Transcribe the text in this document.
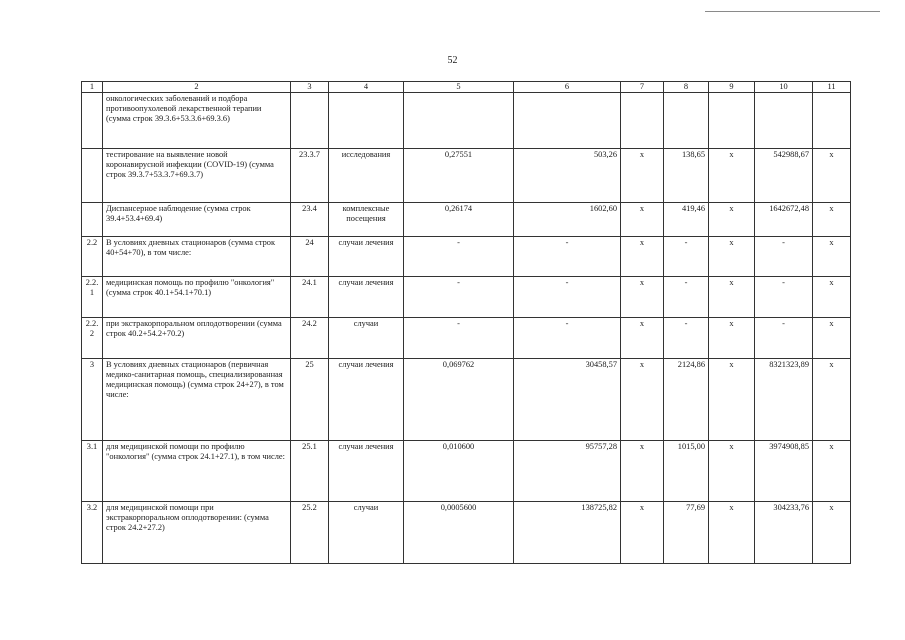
52
1	2	3	4	5	6	7	8	9	10	11
	онкологических заболеваний и подбора противоопухолевой лекарственной терапии (сумма строк 39.3.6+53.3.6+69.3.6)									
	тестирование на выявление новой коронавирусной инфекции (COVID-19) (сумма строк 39.3.7+53.3.7+69.3.7)	23.3.7	исследования	0,27551	503,26	x	138,65	x	542988,67	x
	Диспансерное наблюдение (сумма строк 39.4+53.4+69.4)	23.4	комплексные посещения	0,26174	1602,60	x	419,46	x	1642672,48	x
2.2	В условиях дневных стационаров (сумма строк 40+54+70), в том числе:	24	случаи лечения	-	-	x	-	x	-	x
2.2.1	медицинская помощь по профилю "онкология" (сумма строк 40.1+54.1+70.1)	24.1	случаи лечения	-	-	x	-	x	-	x
2.2.2	при экстракорпоральном оплодотворении (сумма строк 40.2+54.2+70.2)	24.2	случаи	-	-	x	-	x	-	x
3	В условиях дневных стационаров (первичная медико-санитарная помощь, специализированная медицинская помощь) (сумма строк 24+27), в том числе:	25	случаи лечения	0,069762	30458,57	x	2124,86	x	8321323,89	x
3.1	для медицинской помощи по профилю "онкология" (сумма строк 24.1+27.1), в том числе:	25.1	случаи лечения	0,010600	95757,28	x	1015,00	x	3974908,85	x
3.2	для медицинской помощи при экстракорпоральном оплодотворении: (сумма строк 24.2+27.2)	25.2	случаи	0,0005600	138725,82	x	77,69	x	304233,76	x
